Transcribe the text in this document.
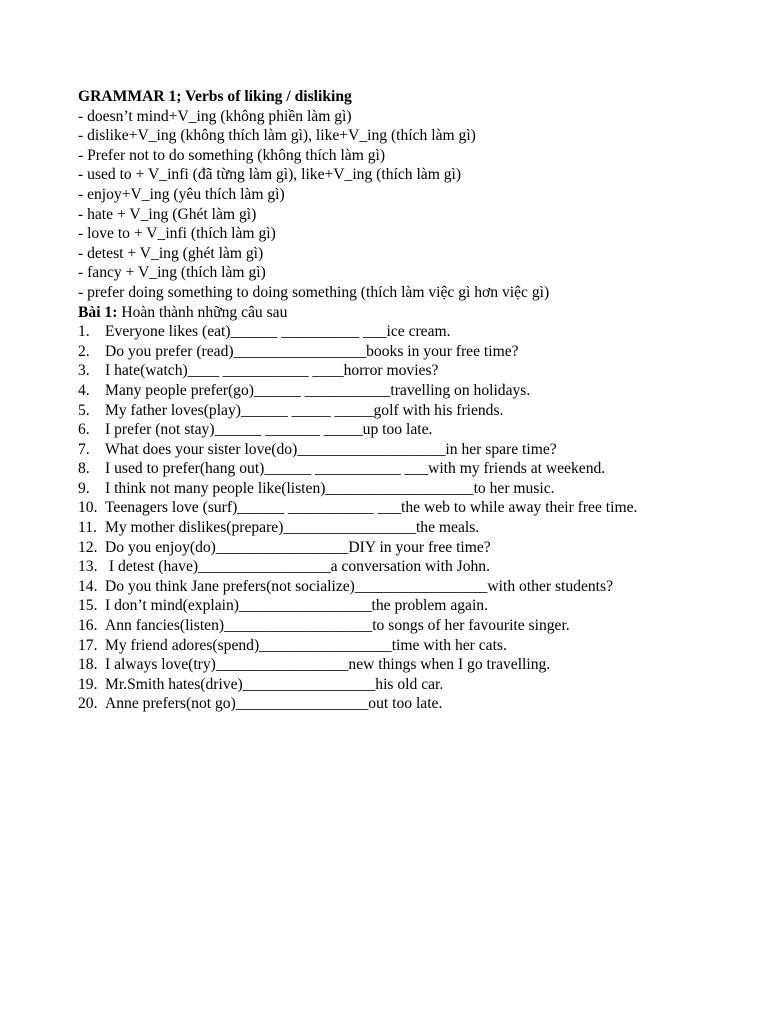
GRAMMAR 1; Verbs of liking / disliking
- doesn’t mind+V_ing (không phiền làm gì)
- dislike+V_ing (không thích làm gì), like+V_ing (thích làm gì)
- Prefer not to do something (không thích làm gì)
- used to + V_infi (đã từng làm gì), like+V_ing (thích làm gì)
- enjoy+V_ing (yêu thích làm gì)
- hate + V_ing (Ghét làm gì)
- love to + V_infi (thích làm gì)
- detest + V_ing (ghét làm gì)
- fancy + V_ing (thích làm gì)
- prefer doing something to doing something (thích làm việc gì hơn việc gì)
Bài 1: Hoàn thành những câu sau
1. Everyone likes (eat)______ __________ ___ice cream.
2. Do you prefer (read)_________________books in your free time?
3. I hate(watch)____ ___________ ____horror movies?
4. Many people prefer(go)______ ___________travelling on holidays.
5. My father loves(play)______ _____ _____golf with his friends.
6. I prefer (not stay)______ _______ _____up too late.
7. What does your sister love(do)___________________in her spare time?
8. I used to prefer(hang out)______ ___________ ___with my friends at weekend.
9. I think not many people like(listen)___________________to her music.
10. Teenagers love (surf)______ ___________ ___the web to while away their free time.
11. My mother dislikes(prepare)_________________the meals.
12. Do you enjoy(do)_________________DIY in your free time?
13. I detest (have)_________________a conversation with John.
14. Do you think Jane prefers(not socialize)_________________with other students?
15. I don’t mind(explain)_________________the problem again.
16. Ann fancies(listen)___________________to songs of her favourite singer.
17. My friend adores(spend)_________________time with her cats.
18. I always love(try)_________________new things when I go travelling.
19. Mr.Smith hates(drive)_________________his old car.
20. Anne prefers(not go)_________________out too late.
